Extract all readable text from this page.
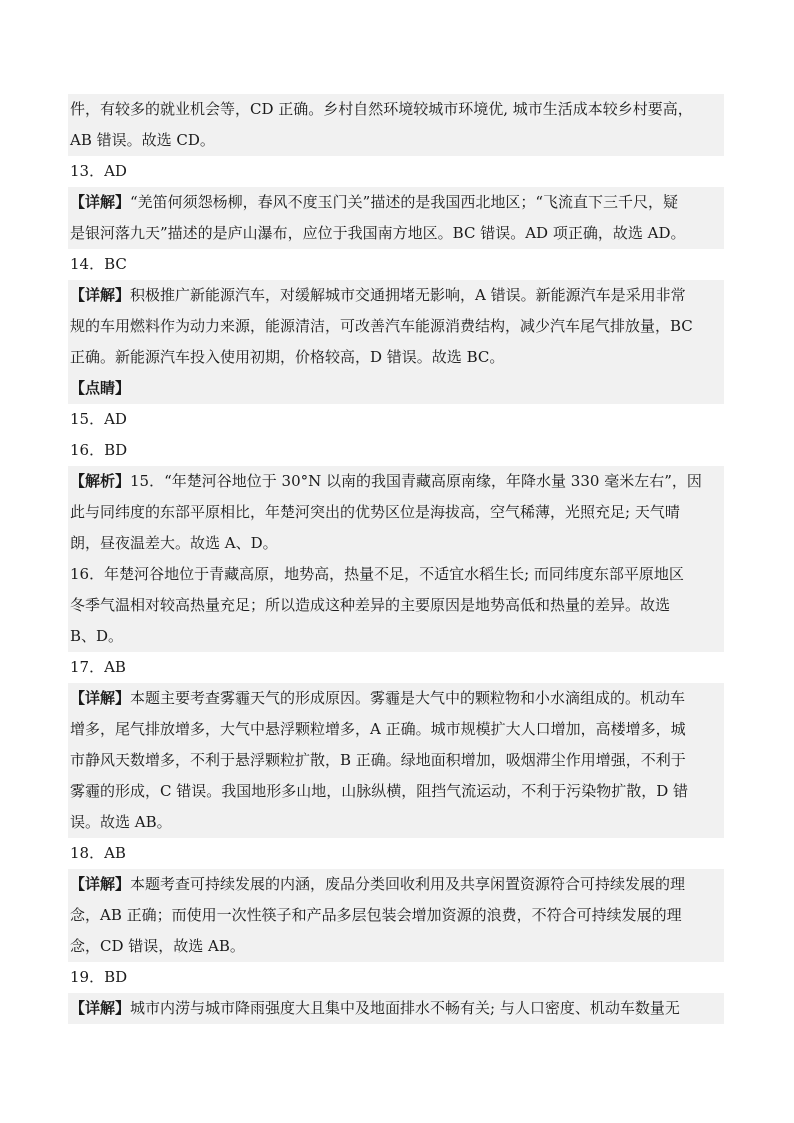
件，有较多的就业机会等，CD 正确。乡村自然环境较城市环境优, 城市生活成本较乡村要高，
AB 错误。故选 CD。
13．AD
【详解】“羌笛何须怨杨柳，春风不度玉门关”描述的是我国西北地区；“飞流直下三千尺，疑
是银河落九天”描述的是庐山瀑布，应位于我国南方地区。BC 错误。AD 项正确，故选 AD。
14．BC
【详解】积极推广新能源汽车，对缓解城市交通拥堵无影响，A 错误。新能源汽车是采用非常
规的车用燃料作为动力来源，能源清洁，可改善汽车能源消费结构，减少汽车尾气排放量，BC
正确。新能源汽车投入使用初期，价格较高，D 错误。故选 BC。
【点睛】
15．AD
16．BD
【解析】15．“年楚河谷地位于 30°N 以南的我国青藏高原南缘，年降水量 330 毫米左右”，因
此与同纬度的东部平原相比，年楚河突出的优势区位是海拔高，空气稀薄，光照充足; 天气晴
朗，昼夜温差大。故选 A、D。
16．年楚河谷地位于青藏高原，地势高，热量不足，不适宜水稻生长; 而同纬度东部平原地区
冬季气温相对较高热量充足；所以造成这种差异的主要原因是地势高低和热量的差异。故选
B、D。
17．AB
【详解】本题主要考查雾霾天气的形成原因。雾霾是大气中的颗粒物和小水滴组成的。机动车
增多，尾气排放增多，大气中悬浮颗粒增多，A 正确。城市规模扩大人口增加，高楼增多，城
市静风天数增多，不利于悬浮颗粒扩散，B 正确。绿地面积增加，吸烟滞尘作用增强，不利于
雾霾的形成，C 错误。我国地形多山地，山脉纵横，阻挡气流运动，不利于污染物扩散，D 错
误。故选 AB。
18．AB
【详解】本题考查可持续发展的内涵，废品分类回收利用及共享闲置资源符合可持续发展的理
念，AB 正确；而使用一次性筷子和产品多层包装会增加资源的浪费，不符合可持续发展的理
念，CD 错误，故选 AB。
19．BD
【详解】城市内涝与城市降雨强度大且集中及地面排水不畅有关; 与人口密度、机动车数量无
